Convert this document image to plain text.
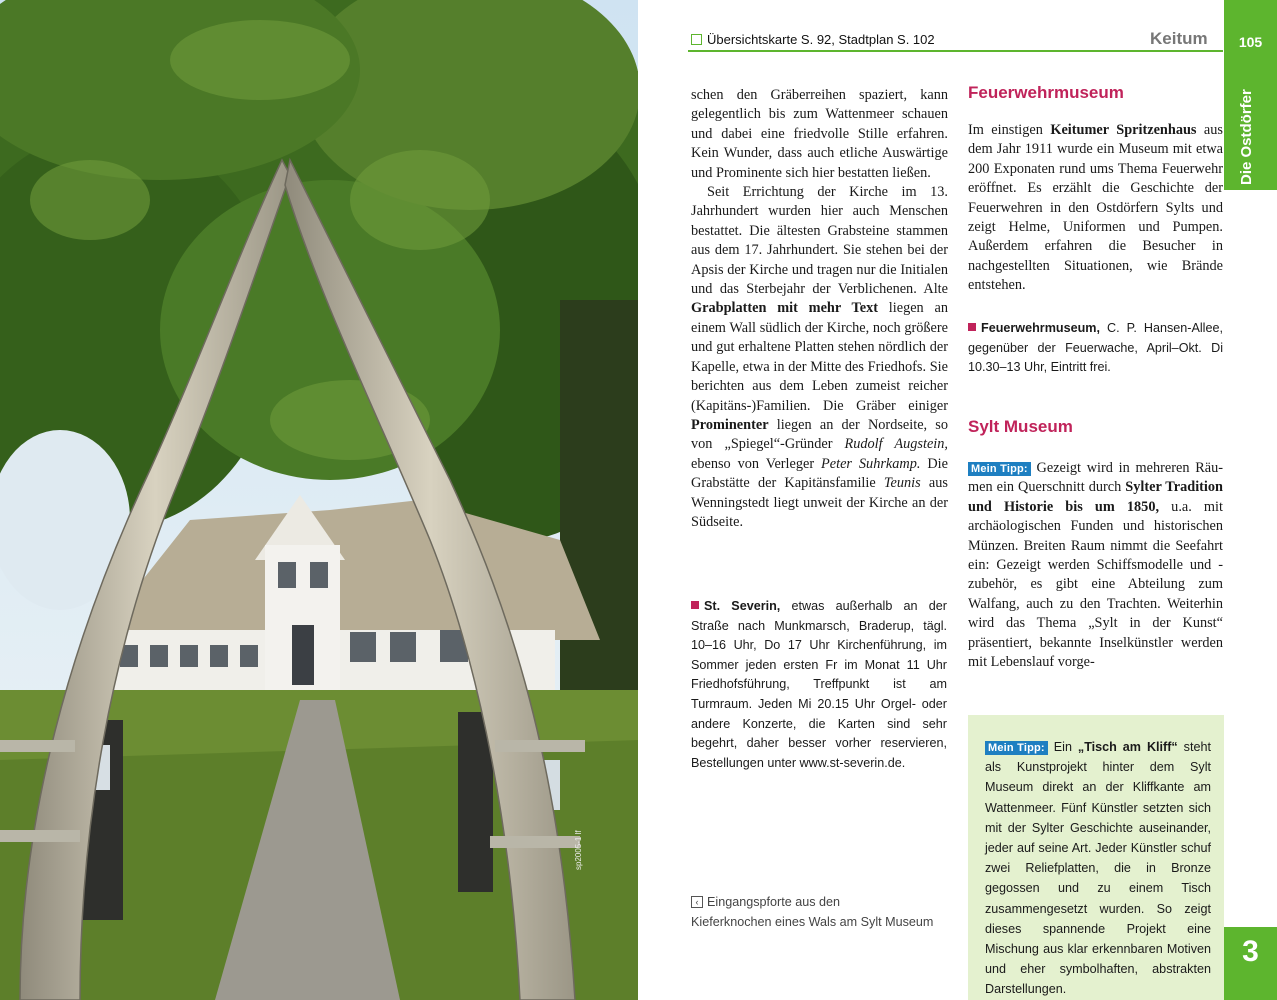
sp2005-1 lf
Übersichtskarte S. 92, Stadtplan S. 102	Keitum	105
Die Ostdörfer

schen den Gräberreihen spaziert, kann gelegentlich bis zum Wattenmeer schauen und dabei eine friedvolle Stille erfahren. Kein Wunder, dass auch etliche Auswärtige und Prominente sich hier bestatten ließen.

Seit Errichtung der Kirche im 13. Jahrhundert wurden hier auch Menschen bestattet. Die ältesten Grabsteine stammen aus dem 17. Jahrhundert. Sie stehen bei der Apsis der Kirche und tragen nur die Initialen und das Sterbejahr der Verblichenen. Alte Grabplatten mit mehr Text liegen an einem Wall südlich der Kirche, noch größere und gut erhaltene Platten stehen nördlich der Kapelle, etwa in der Mitte des Friedhofs. Sie berichten aus dem Leben zumeist reicher (Kapitäns-)Familien. Die Gräber einiger Prominenter liegen an der Nordseite, so von „Spiegel“-Gründer Rudolf Augstein, ebenso von Verleger Peter Suhrkamp. Die Grabstätte der Kapitänsfamilie Teunis aus Wenningstedt liegt unweit der Kirche an der Südseite.

St. Severin, etwas außerhalb an der Straße nach Munkmarsch, Braderup, tägl. 10–16 Uhr, Do 17 Uhr Kirchenführung, im Sommer jeden ersten Fr im Monat 11 Uhr Friedhofsführung, Treffpunkt ist am Turmraum. Jeden Mi 20.15 Uhr Orgel- oder andere Konzerte, die Karten sind sehr begehrt, daher besser vorher reservieren, Bestellungen unter www.st-severin.de.
‹ Eingangspforte aus den
Kieferknochen eines Wals am Sylt Museum
Feuerwehrmuseum

Im einstigen Keitumer Spritzenhaus aus dem Jahr 1911 wurde ein Museum mit etwa 200 Exponaten rund ums Thema Feuerwehr eröffnet. Es erzählt die Geschichte der Feuerwehren in den Ostdörfern Sylts und zeigt Helme, Uniformen und Pumpen. Außerdem erfahren die Besucher in nachgestellten Situationen, wie Brände entstehen.

Feuerwehrmuseum, C. P. Hansen-Allee, gegenüber der Feuerwache, April–Okt. Di 10.30–13 Uhr, Eintritt frei.
Sylt Museum

Mein Tipp: Gezeigt wird in mehreren Räumen ein Querschnitt durch Sylter Tradition und Historie bis um 1850, u.a. mit archäologischen Funden und historischen Münzen. Breiten Raum nimmt die Seefahrt ein: Gezeigt werden Schiffsmodelle und -zubehör, es gibt eine Abteilung zum Walfang, auch zu den Trachten. Weiterhin wird das Thema „Sylt in der Kunst“ präsentiert, bekannte Inselkünstler werden mit Lebenslauf vorge-

Mein Tipp: Ein „Tisch am Kliff“ steht als Kunstprojekt hinter dem Sylt Museum direkt an der Kliffkante am Wattenmeer. Fünf Künstler setzten sich mit der Sylter Geschichte auseinander, jeder auf seine Art. Jeder Künstler schuf zwei Reliefplatten, die in Bronze gegossen und zu einem Tisch zusammengesetzt wurden. So zeigt dieses spannende Projekt eine Mischung aus klar erkennbaren Motiven und eher symbolhaften, abstrakten Darstellungen.
3
